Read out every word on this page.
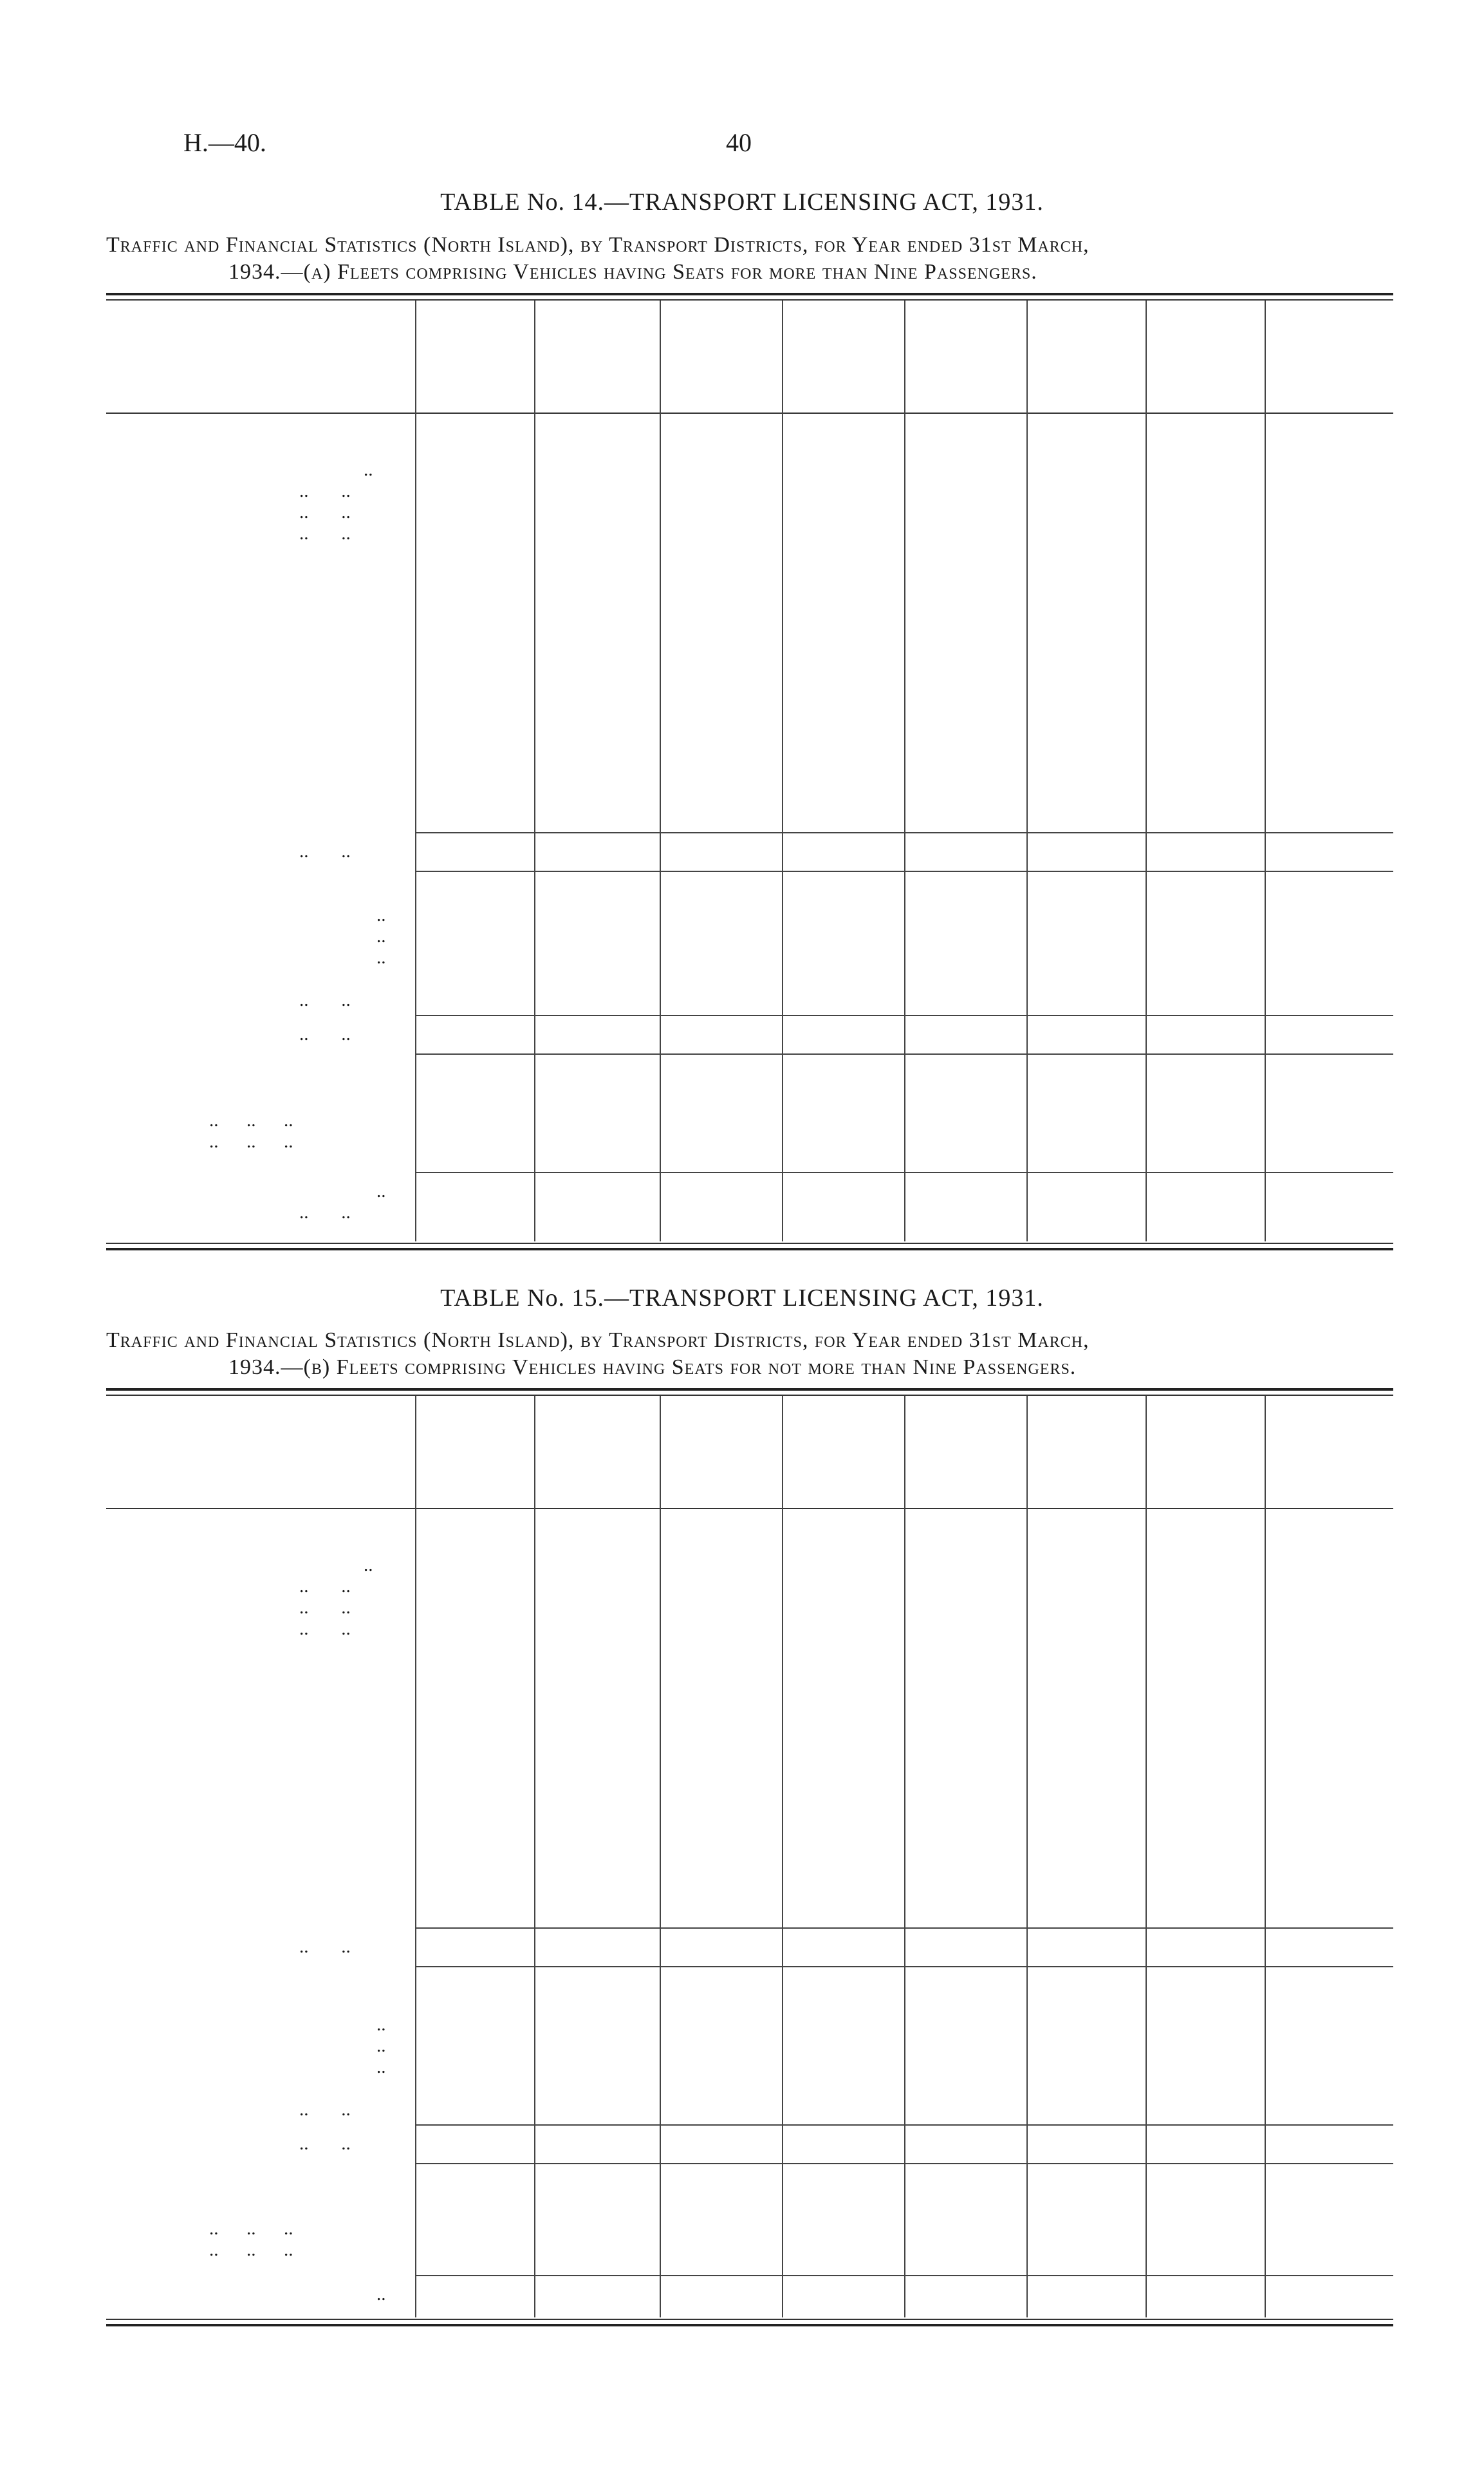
H.—40.	40
TABLE No. 14.—TRANSPORT LICENSING ACT, 1931.
Traffic and Financial Statistics (North Island), by Transport Districts, for Year ended 31st March,
1934.—(a) Fleets comprising Vehicles having Seats for more than Nine Passengers.
..
..       ..
..       ..
..       ..
..       ..
..
..
..
..       ..
..       ..
..      ..      ..
..      ..      ..
..
..       ..
TABLE No. 15.—TRANSPORT LICENSING ACT, 1931.
Traffic and Financial Statistics (North Island), by Transport Districts, for Year ended 31st March,
1934.—(b) Fleets comprising Vehicles having Seats for not more than Nine Passengers.
..
..       ..
..       ..
..       ..
..       ..
..
..
..
..       ..
..       ..
..      ..      ..
..      ..      ..
..
